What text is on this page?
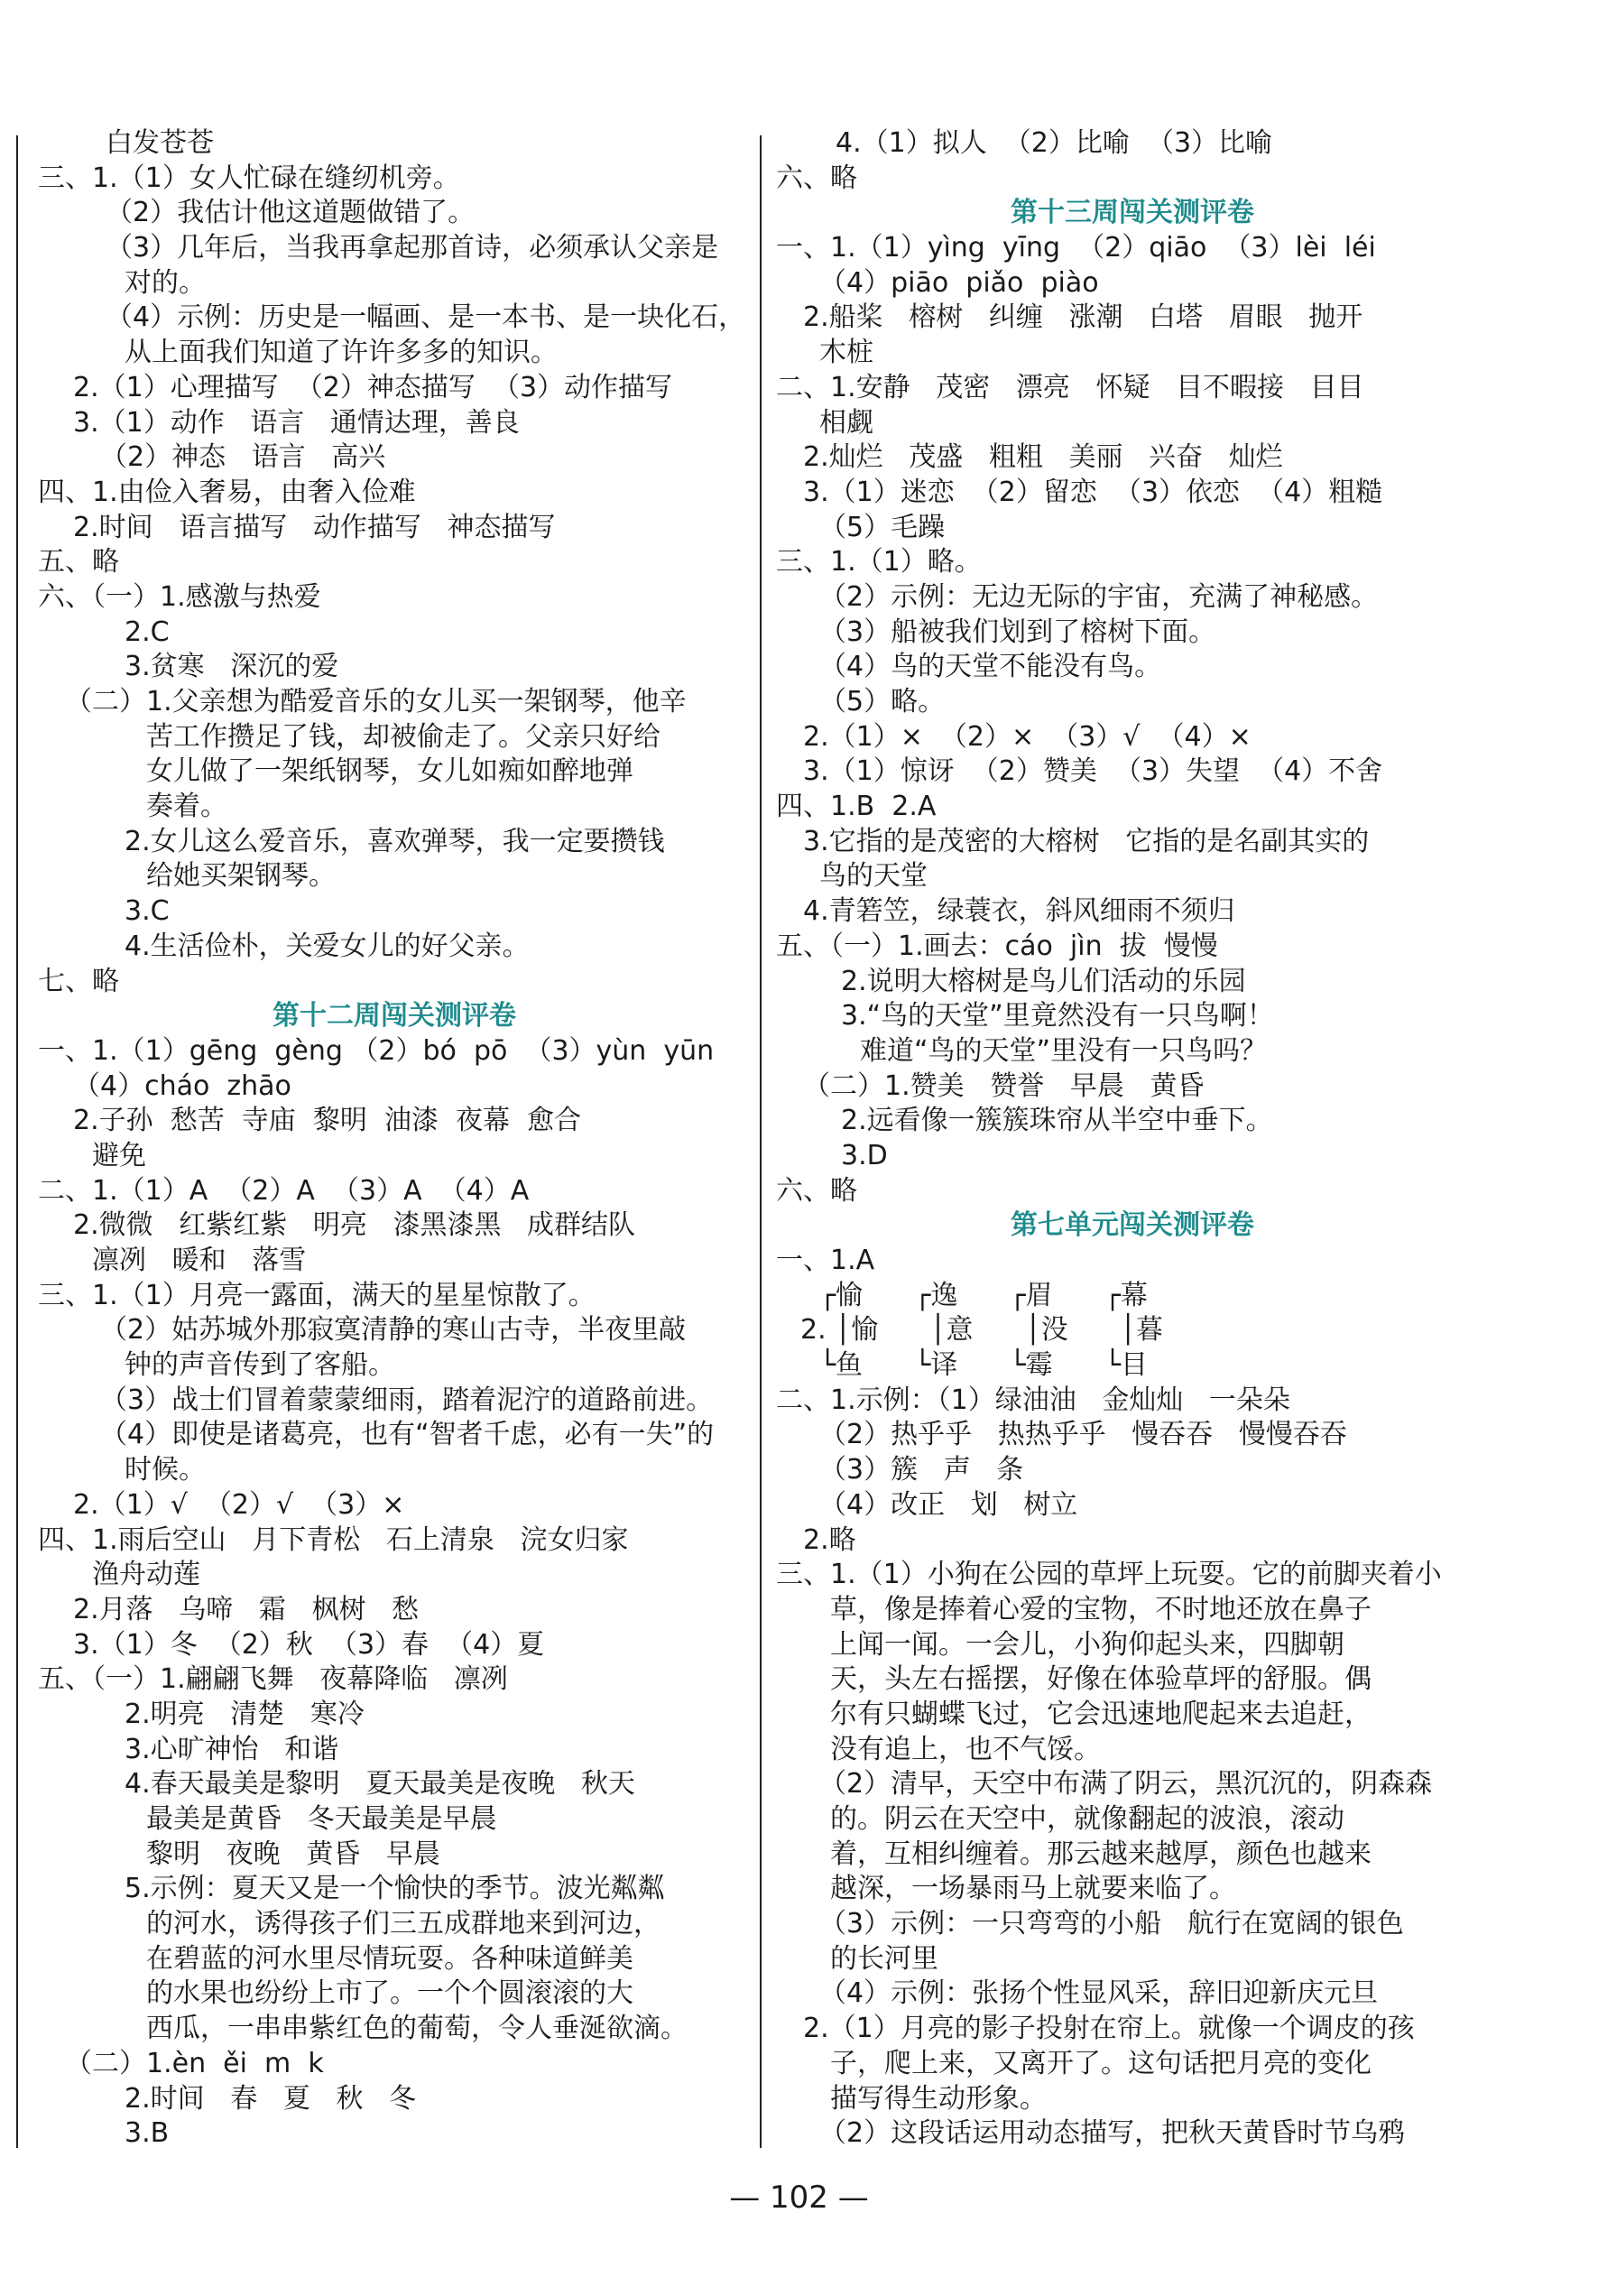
白发苍苍
三、1.（1）女人忙碌在缝纫机旁。
（2）我估计他这道题做错了。
（3）几年后，当我再拿起那首诗，必须承认父亲是
对的。
（4）示例：历史是一幅画、是一本书、是一块化石，
从上面我们知道了许许多多的知识。
2.（1）心理描写  （2）神态描写  （3）动作描写
3.（1）动作   语言   通情达理，善良
（2）神态   语言   高兴
四、1.由俭入奢易，由奢入俭难
2.时间   语言描写   动作描写   神态描写
五、略
六、（一）1.感激与热爱
2.C
3.贫寒   深沉的爱
（二）1.父亲想为酷爱音乐的女儿买一架钢琴，他辛
苦工作攒足了钱，却被偷走了。父亲只好给
女儿做了一架纸钢琴，女儿如痴如醉地弹
奏着。
2.女儿这么爱音乐，喜欢弹琴，我一定要攒钱
给她买架钢琴。
3.C
4.生活俭朴，关爱女儿的好父亲。
七、略
第十二周闯关测评卷
一、1.（1）gēng  gèng （2）bó  pō  （3）yùn  yūn
（4）cháo  zhāo
2.子孙  愁苦  寺庙  黎明  油漆  夜幕  愈合
避免
二、1.（1）A  （2）A  （3）A  （4）A
2.微微   红紫红紫   明亮   漆黑漆黑   成群结队
凛冽   暖和   落雪
三、1.（1）月亮一露面，满天的星星惊散了。
（2）姑苏城外那寂寞清静的寒山古寺，半夜里敲
钟的声音传到了客船。
（3）战士们冒着蒙蒙细雨，踏着泥泞的道路前进。
（4）即使是诸葛亮，也有“智者千虑，必有一失”的
时候。
2.（1）√  （2）√  （3）×
四、1.雨后空山   月下青松   石上清泉   浣女归家
渔舟动莲
2.月落   乌啼   霜   枫树   愁
3.（1）冬  （2）秋  （3）春  （4）夏
五、（一）1.翩翩飞舞   夜幕降临   凛冽
2.明亮   清楚   寒冷
3.心旷神怡   和谐
4.春天最美是黎明   夏天最美是夜晚   秋天
最美是黄昏   冬天最美是早晨
黎明   夜晚   黄昏   早晨
5.示例：夏天又是一个愉快的季节。波光粼粼
的河水，诱得孩子们三五成群地来到河边，
在碧蓝的河水里尽情玩耍。各种味道鲜美
的水果也纷纷上市了。一个个圆滚滚的大
西瓜，一串串紫红色的葡萄，令人垂涎欲滴。
（二）1.èn  ěi  m  k
2.时间   春   夏   秋   冬
3.B
4.（1）拟人  （2）比喻  （3）比喻
六、略
第十三周闯关测评卷
一、1.（1）yìng  yīng  （2）qiāo  （3）lèi  léi
（4）piāo  piǎo  piào
2.船桨   榕树   纠缠   涨潮   白塔   眉眼   抛开
木桩
二、1.安静   茂密   漂亮   怀疑   目不暇接   目目
相觑
2.灿烂   茂盛   粗粗   美丽   兴奋   灿烂
3.（1）迷恋  （2）留恋  （3）依恋  （4）粗糙
（5）毛躁
三、1.（1）略。
（2）示例：无边无际的宇宙，充满了神秘感。
（3）船被我们划到了榕树下面。
（4）鸟的天堂不能没有鸟。
（5）略。
2.（1）×  （2）×  （3）√  （4）×
3.（1）惊讶  （2）赞美  （3）失望  （4）不舍
四、1.B  2.A
3.它指的是茂密的大榕树   它指的是名副其实的
鸟的天堂
4.青箬笠，绿蓑衣，斜风细雨不须归
五、（一）1.画去：cáo  jìn  拔  慢慢
2.说明大榕树是鸟儿们活动的乐园
3.“鸟的天堂”里竟然没有一只鸟啊！
难道“鸟的天堂”里没有一只鸟吗？
（二）1.赞美   赞誉   早晨   黄昏
2.远看像一簇簇珠帘从半空中垂下。
3.D
六、略
第七单元闯关测评卷
一、1.A
┌愉      ┌逸      ┌眉      ┌幕
2. │愉      │意      │没      │暮
└鱼      └译      └霉      └目
二、1.示例：（1）绿油油   金灿灿   一朵朵
（2）热乎乎   热热乎乎   慢吞吞   慢慢吞吞
（3）簇   声   条
（4）改正   划   树立
2.略
三、1.（1）小狗在公园的草坪上玩耍。它的前脚夹着小
草，像是捧着心爱的宝物，不时地还放在鼻子
上闻一闻。一会儿，小狗仰起头来，四脚朝
天，头左右摇摆，好像在体验草坪的舒服。偶
尔有只蝴蝶飞过，它会迅速地爬起来去追赶，
没有追上，也不气馁。
（2）清早，天空中布满了阴云，黑沉沉的，阴森森
的。阴云在天空中，就像翻起的波浪，滚动
着，互相纠缠着。那云越来越厚，颜色也越来
越深，一场暴雨马上就要来临了。
（3）示例：一只弯弯的小船   航行在宽阔的银色
的长河里
（4）示例：张扬个性显风采，辞旧迎新庆元旦
2.（1）月亮的影子投射在帘上。就像一个调皮的孩
子，爬上来，又离开了。这句话把月亮的变化
描写得生动形象。
（2）这段话运用动态描写，把秋天黄昏时节乌鸦
— 102 —
